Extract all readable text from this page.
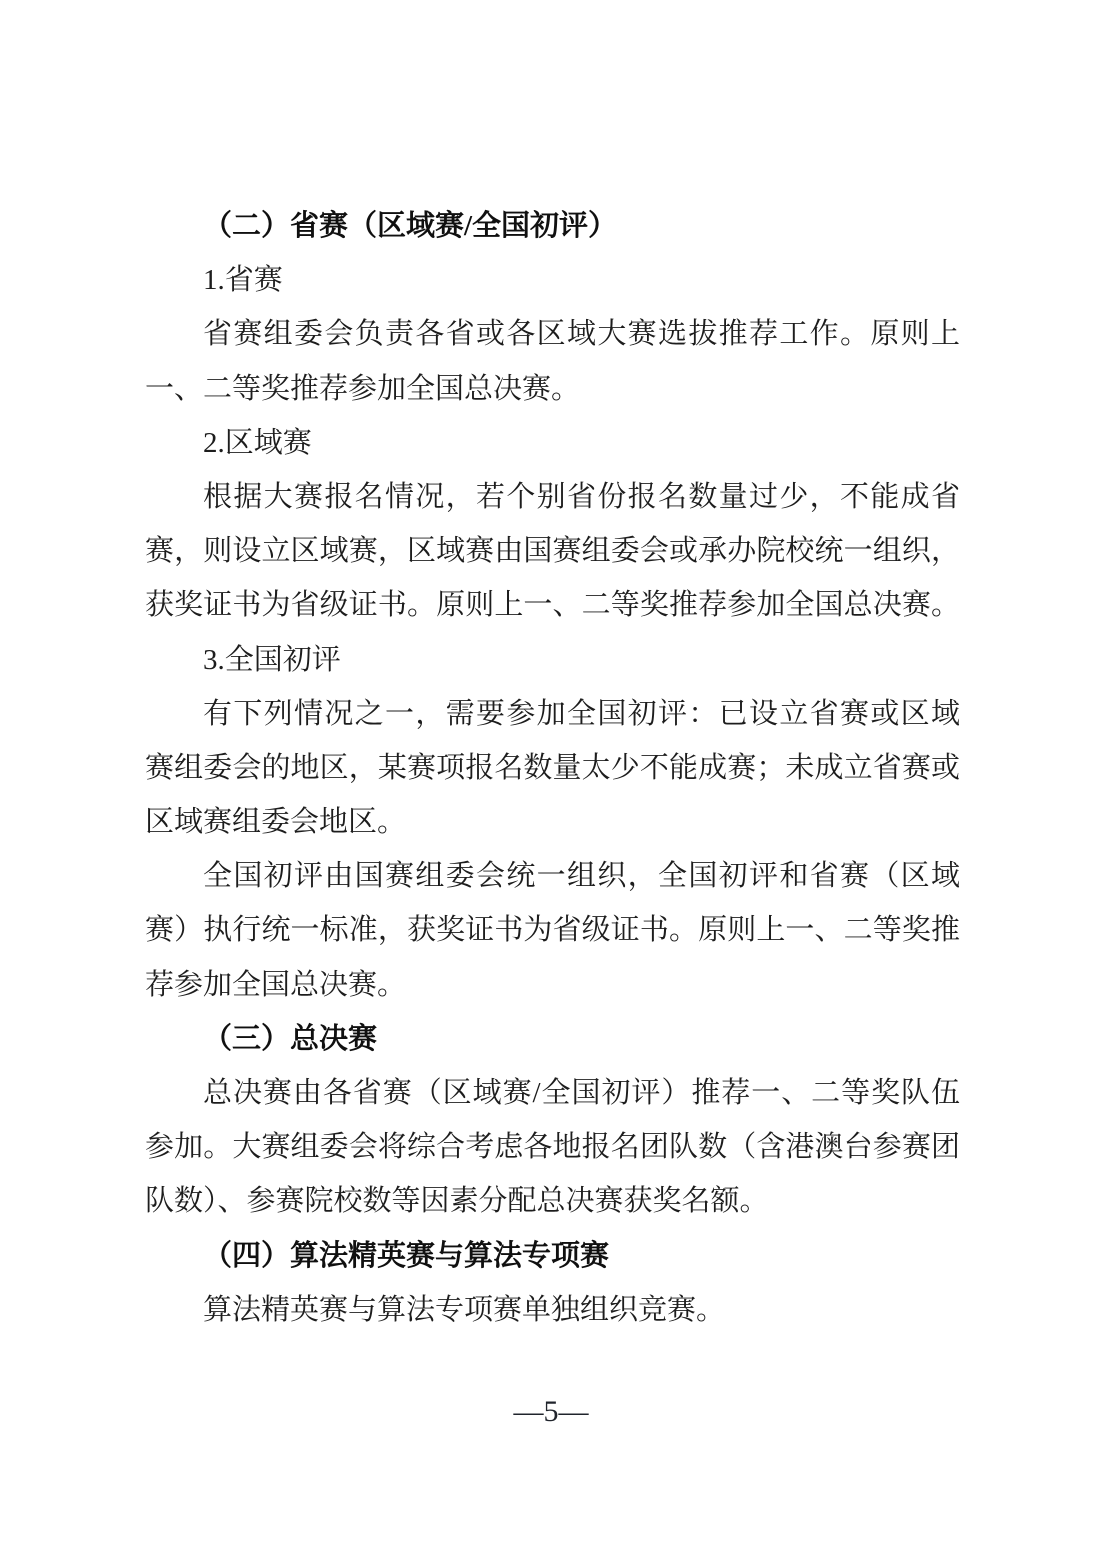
（二）省赛（区域赛/全国初评）

1.省赛

省赛组委会负责各省或各区域大赛选拔推荐工作。原则上

一、二等奖推荐参加全国总决赛。

2.区域赛

根据大赛报名情况，若个别省份报名数量过少，不能成省

赛，则设立区域赛，区域赛由国赛组委会或承办院校统一组织，

获奖证书为省级证书。原则上一、二等奖推荐参加全国总决赛。

3.全国初评

有下列情况之一，需要参加全国初评：已设立省赛或区域

赛组委会的地区，某赛项报名数量太少不能成赛；未成立省赛或

区域赛组委会地区。

全国初评由国赛组委会统一组织，全国初评和省赛（区域

赛）执行统一标准，获奖证书为省级证书。原则上一、二等奖推

荐参加全国总决赛。

（三）总决赛

总决赛由各省赛（区域赛/全国初评）推荐一、二等奖队伍

参加。大赛组委会将综合考虑各地报名团队数（含港澳台参赛团

队数）、参赛院校数等因素分配总决赛获奖名额。

（四）算法精英赛与算法专项赛

算法精英赛与算法专项赛单独组织竞赛。

—5—
